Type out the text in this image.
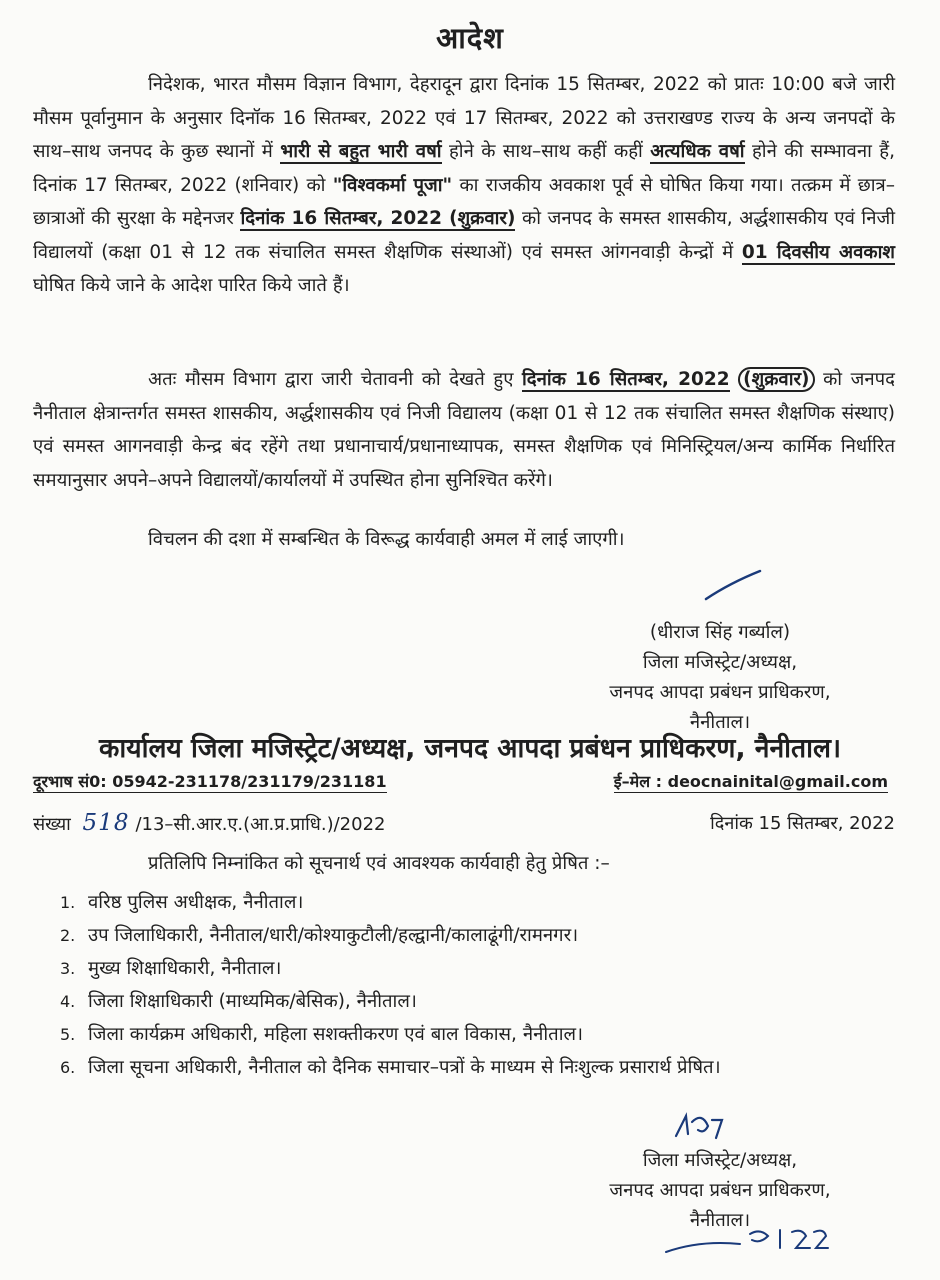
आदेश

निदेशक, भारत मौसम विज्ञान विभाग, देहरादून द्वारा दिनांक 15 सितम्बर, 2022 को प्रातः 10:00 बजे जारी मौसम पूर्वानुमान के अनुसार दिनॉक 16 सितम्बर, 2022 एवं 17 सितम्बर, 2022 को उत्तराखण्ड राज्य के अन्य जनपदों के साथ–साथ जनपद के कुछ स्थानों में भारी से बहुत भारी वर्षा होने के साथ–साथ कहीं कहीं अत्यधिक वर्षा होने की सम्भावना हैं, दिनांक 17 सितम्बर, 2022 (शनिवार) को "विश्वकर्मा पूजा" का राजकीय अवकाश पूर्व से घोषित किया गया। तत्क्रम में छात्र–छात्राओं की सुरक्षा के मद्देनजर दिनांक 16 सितम्बर, 2022 (शुक्रवार) को जनपद के समस्त शासकीय, अर्द्धशासकीय एवं निजी विद्यालयों (कक्षा 01 से 12 तक संचालित समस्त शैक्षणिक संस्थाओं) एवं समस्त आंगनवाड़ी केन्द्रों में 01 दिवसीय अवकाश घोषित किये जाने के आदेश पारित किये जाते हैं।

अतः मौसम विभाग द्वारा जारी चेतावनी को देखते हुए दिनांक 16 सितम्बर, 2022 (शुक्रवार) को जनपद नैनीताल क्षेत्रान्तर्गत समस्त शासकीय, अर्द्धशासकीय एवं निजी विद्यालय (कक्षा 01 से 12 तक संचालित समस्त शैक्षणिक संस्थाए) एवं समस्त आगनवाड़ी केन्द्र बंद रहेंगे तथा प्रधानाचार्य/प्रधानाध्यापक, समस्त शैक्षणिक एवं मिनिस्ट्रियल/अन्य कार्मिक निर्धारित समयानुसार अपने–अपने विद्यालयों/कार्यालयों में उपस्थित होना सुनिश्चित करेंगे।

विचलन की दशा में सम्बन्धित के विरूद्ध कार्यवाही अमल में लाई जाएगी।

(धीराज सिंह गर्ब्याल)
जिला मजिस्ट्रेट/अध्यक्ष,
जनपद आपदा प्रबंधन प्राधिकरण,
नैनीताल।
कार्यालय जिला मजिस्ट्रेट/अध्यक्ष, जनपद आपदा प्रबंधन प्राधिकरण, नैनीताल।
दूरभाष सं0: 05942-231178/231179/231181	ई–मेल : deocnainital@gmail.com
संख्या 518 /13–सी.आर.ए.(आ.प्र.प्राधि.)/2022	दिनांक 15 सितम्बर, 2022
प्रतिलिपि निम्नांकित को सूचनार्थ एवं आवश्यक कार्यवाही हेतु प्रेषित :–
1. वरिष्ठ पुलिस अधीक्षक, नैनीताल।
2. उप जिलाधिकारी, नैनीताल/धारी/कोश्याकुटौली/हल्द्वानी/कालाढूंगी/रामनगर।
3. मुख्य शिक्षाधिकारी, नैनीताल।
4. जिला शिक्षाधिकारी (माध्यमिक/बेसिक), नैनीताल।
5. जिला कार्यक्रम अधिकारी, महिला सशक्तीकरण एवं बाल विकास, नैनीताल।
6. जिला सूचना अधिकारी, नैनीताल को दैनिक समाचार–पत्रों के माध्यम से निःशुल्क प्रसारार्थ प्रेषित।
जिला मजिस्ट्रेट/अध्यक्ष,
जनपद आपदा प्रबंधन प्राधिकरण,
नैनीताल।
